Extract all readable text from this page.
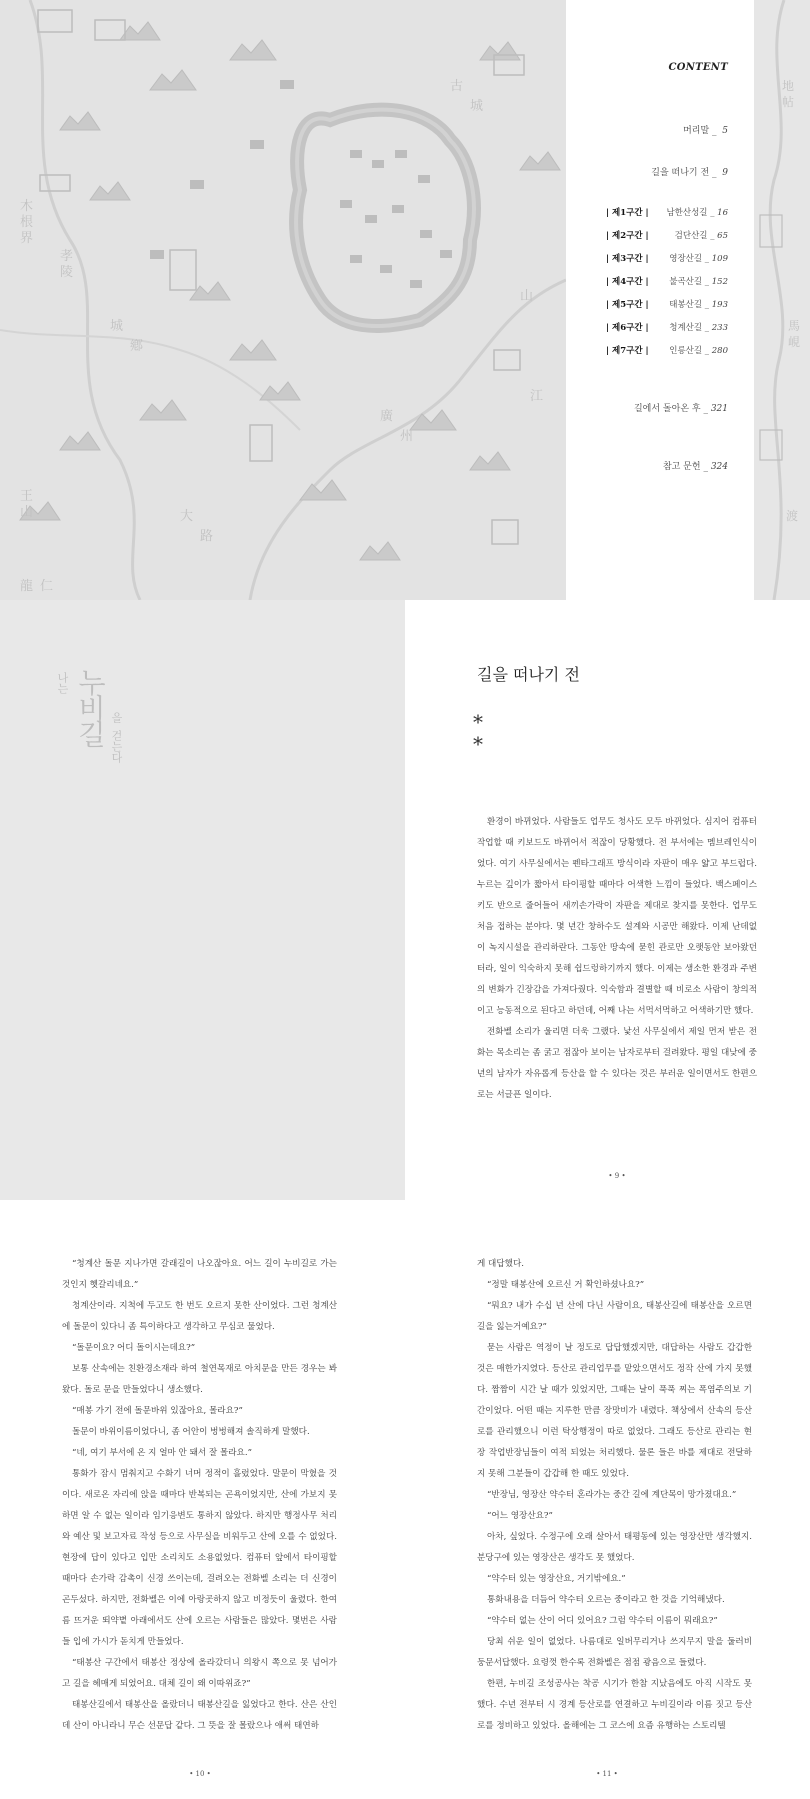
木
根
界
孝
陵
王
山
城
鄕
廣
州
古
城
龍 仁
大
路
山
江
CONTENT
머리말 _  5
길을 떠나기 전 _  9
| 제1구간 | 남한산성길 _ 16
| 제2구간 |	검단산길 _ 65
| 제3구간 | 영장산길 _ 109
| 제4구간 | 불곡산길 _ 152
| 제5구간 | 태봉산길 _ 193
| 제6구간 | 청계산길 _ 233
| 제7구간 | 인릉산길 _ 280
길에서 돌아온 후 _ 321
참고 문헌 _ 324
地
帖
馬
峴
渡
나는 누비길 을
걷는다
길을 떠나기 전
*
*

환경이 바뀌었다. 사람들도 업무도 청사도 모두 바뀌었다. 심지어 컴퓨터 작업할 때 키보드도 바뀌어서 적잖이 당황했다. 전 부서에는 멤브레인식이었다. 여기 사무실에서는 펜타그래프 방식이라 자판이 매우 얇고 부드럽다. 누르는 깊이가 짧아서 타이핑할 때마다 어색한 느낌이 들었다. 백스페이스키도 반으로 줄어들어 새끼손가락이 자판을 제대로 찾지를 못한다. 업무도 처음 접하는 분야다. 몇 년간 창하수도 설계와 시공만 해왔다. 이제 난데없이 녹지시설을 관리하란다. 그동안 땅속에 묻힌 관로만 오랫동안 보아왔던 터라, 일이 익숙하지 못해 쉽드렁하기까지 했다. 이제는 생소한 환경과 주변의 변화가 긴장감을 가져다줬다. 익숙함과 결별할 때 비로소 사람이 창의적이고 능동적으로 된다고 하던데, 어째 나는 서먹서먹하고 어색하기만 했다.

전화벨 소리가 울리면 더욱 그랬다. 낯선 사무실에서 제일 먼저 받은 전화는 목소리는 좀 굵고 점잖아 보이는 남자로부터 걸려왔다. 평일 대낮에 중년의 남자가 자유롭게 등산을 할 수 있다는 것은 부러운 일이면서도 한편으로는 서글픈 일이다.

• 9 •

“청계산 돌문 지나가면 갈래길이 나오잖아요. 어느 길이 누비길로 가는 것인지 헷갈리네요.”

청계산이라. 지척에 두고도 한 번도 오르지 못한 산이었다. 그런 청계산에 돌문이 있다니 좀 특이하다고 생각하고 무심코 물었다.

“돌문이요? 어디 돌이시는데요?”

보통 산속에는 친환경소재라 하여 철연목재로 아치문을 만든 경우는 봐왔다. 돌로 문을 만들었다니 생소했다.

“매봉 가기 전에 돌문바위 있잖아요, 몰라요?”

돌문이 바위이름이었다니, 좀 어안이 벙벙해져 솔직하게 말했다.

“네, 여기 부서에 온 지 얼마 안 돼서 잘 몰라요.”

통화가 잠시 멈춰지고 수화기 너머 정적이 흘렀었다. 말문이 막혔을 것이다. 새로온 자리에 앉을 때마다 반복되는 곤욕이었지만, 산에 가보지 못하면 알 수 없는 일이라 임기응변도 통하지 않았다. 하지만 행정사무 처리와 예산 및 보고자료 작성 등으로 사무실을 비워두고 산에 오를 수 없었다. 현장에 답이 있다고 입만 소리치도 소용없었다. 컴퓨터 앞에서 타이핑할 때마다 손가락 감촉이 신경 쓰이는데, 걸려오는 전화벨 소리는 더 신경이 곤두섰다. 하지만, 전화벨은 이에 아랑곳하지 않고 비정듯이 울렸다. 한여름 뜨거운 뙤약볕 아래에서도 산에 오르는 사람들은 많았다. 몇번은 사람들 입에 가시가 돋치게 만들었다.

“태봉산 구간에서 태봉산 정상에 올라갔더니 의왕시 쪽으로 못 넘어가고 길을 헤매게 되었어요. 대체 길이 왜 이따위죠?”

태봉산길에서 태봉산을 올랐더니 태봉산길을 잃었다고 한다. 산은 산인데 산이 아니라니 무슨 선문답 같다. 그 뜻을 잘 몰랐으나 애써 태연하

• 10 •

게 대답했다.

“정말 태봉산에 오르신 거 확인하셨나요?”

“뭐요? 내가 수십 년 산에 다닌 사람이요, 태봉산길에 태봉산을 오르면 길을 잃는거예요?”

묻는 사람은 역정이 날 정도로 답답했겠지만, 대답하는 사람도 갑갑한 것은 매한가지였다. 등산로 관리업무를 맡았으면서도 정작 산에 가지 못했다. 짬짬이 시간 날 때가 있었지만, 그때는 날이 푹푹 찌는 폭염주의보 기간이었다. 어떤 때는 지루한 만큼 장맛비가 내렸다. 책상에서 산속의 등산로를 관리했으니 이런 탁상행정이 따로 없었다. 그래도 등산로 관리는 현장 작업반장님들이 여적 되었는 처리했다. 물론 들은 바를 제대로 전달하지 못해 그분들이 갑갑해 한 때도 있었다.

“반장님, 영장산 약수터 혼라가는 중간 길에 계단목이 망가졌대요.”

“어느 영장산요?”

아차, 싶었다. 수정구에 오래 살아서 태평동에 있는 영장산만 생각했지. 분당구에 있는 영장산은 생각도 못 했었다.

“약수터 있는 영장산요, 거기밖에요.”

통화내용을 더듬어 약수터 오르는 중이라고 한 것을 기억해냈다.

“약수터 없는 산이 어디 있어요? 그럼 약수터 이름이 뭐래요?”

당최 쉬운 일이 없었다. 나름대로 일버무리거나 쓰지무지 말을 둘러비둥문서답했다. 요령껏 한수록 전화벨은 점점 광음으로 들렸다.

한편, 누비길 조성공사는 착공 시기가 한참 지났음에도 아직 시작도 못했다. 수년 전부터 시 경계 등산로를 연결하고 누비길이라 이름 짓고 등산로를 정비하고 있었다. 올해에는 그 코스에 요즘 유행하는 스토리텔

• 11 •
